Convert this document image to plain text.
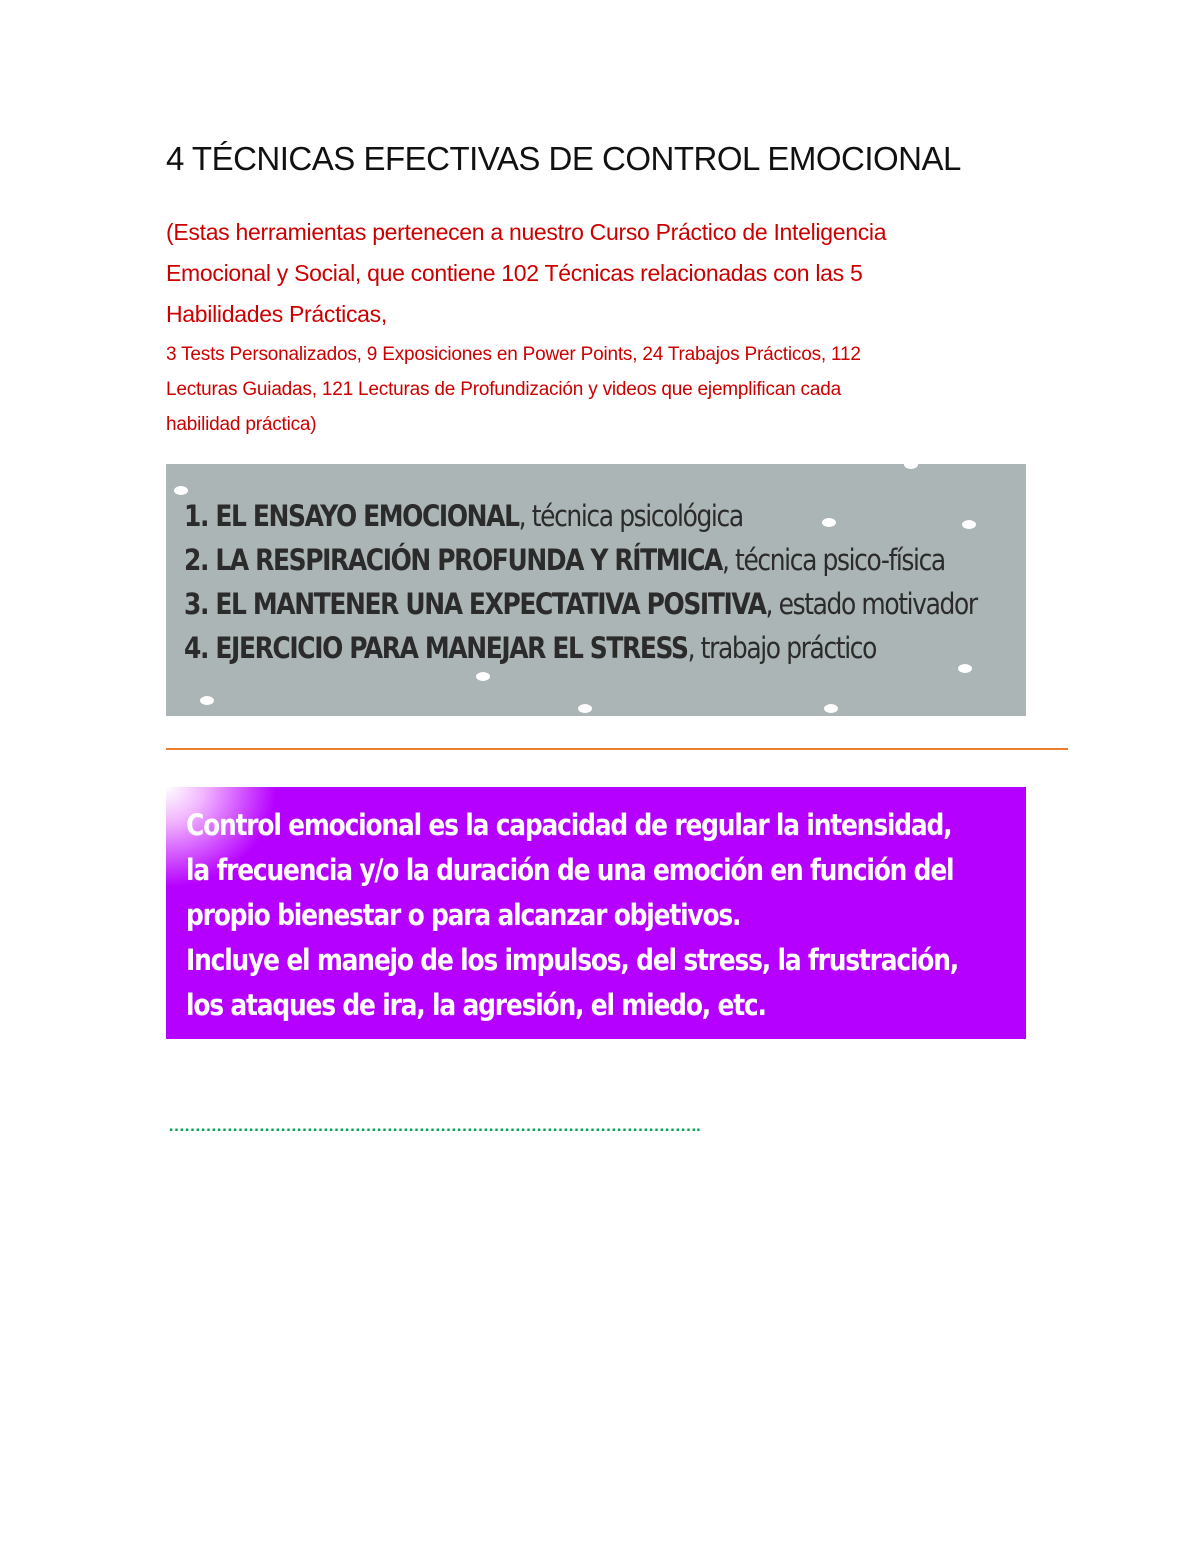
4 TÉCNICAS EFECTIVAS DE CONTROL EMOCIONAL
(Estas herramientas pertenecen a nuestro Curso Práctico de Inteligencia
Emocional y Social, que contiene 102 Técnicas relacionadas con las 5
Habilidades Prácticas,
3 Tests Personalizados, 9 Exposiciones en Power Points, 24 Trabajos Prácticos, 112
Lecturas Guiadas, 121 Lecturas de Profundización y videos que ejemplifican cada
habilidad práctica)
1. EL ENSAYO EMOCIONAL, técnica psicológica
2. LA RESPIRACIÓN PROFUNDA Y RÍTMICA, técnica psico-física
3. EL MANTENER UNA EXPECTATIVA POSITIVA, estado motivador
4. EJERCICIO PARA MANEJAR EL STRESS, trabajo práctico
Control emocional es la capacidad de regular la intensidad,
la frecuencia y/o la duración de una emoción en función del
propio bienestar o para alcanzar objetivos.
Incluye el manejo de los impulsos, del stress, la frustración,
los ataques de ira, la agresión, el miedo, etc.
……………………………………………………………………………………….
